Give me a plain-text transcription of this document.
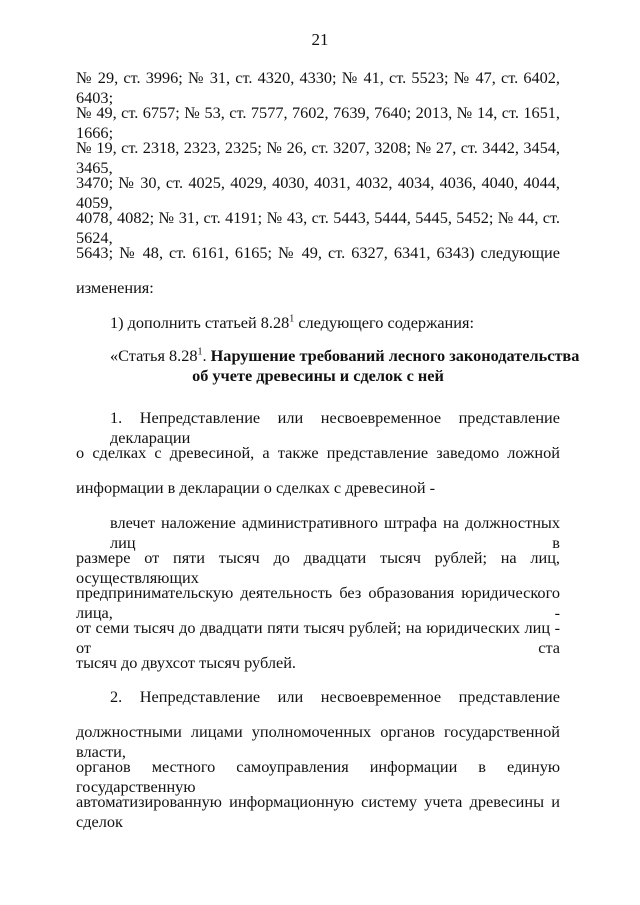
21
№ 29, ст. 3996; № 31, ст. 4320, 4330; № 41, ст. 5523; № 47, ст. 6402, 6403;
№ 49, ст. 6757; № 53, ст. 7577, 7602, 7639, 7640; 2013, № 14, ст. 1651, 1666;
№ 19, ст. 2318, 2323, 2325; № 26, ст. 3207, 3208; № 27, ст. 3442, 3454, 3465,
3470; № 30, ст. 4025, 4029, 4030, 4031, 4032, 4034, 4036, 4040, 4044, 4059,
4078, 4082; № 31, ст. 4191; № 43, ст. 5443, 5444, 5445, 5452; № 44, ст. 5624,
5643; № 48, ст. 6161, 6165; № 49, ст. 6327, 6341, 6343) следующие
изменения:
1) дополнить статьей 8.28$^1$ следующего содержания:
«Статья 8.28$^1$. Нарушение требований лесного законодательства
об учете древесины и сделок с ней
1. Непредставление или несвоевременное представление декларации
о сделках с древесиной, а также представление заведомо ложной
информации в декларации о сделках с древесиной -
влечет наложение административного штрафа на должностных лиц в
размере от пяти тысяч до двадцати тысяч рублей; на лиц, осуществляющих
предпринимательскую деятельность без образования юридического лица, -
от семи тысяч до двадцати пяти тысяч рублей; на юридических лиц - от ста
тысяч до двухсот тысяч рублей.
2. Непредставление или несвоевременное представление
должностными лицами уполномоченных органов государственной власти,
органов местного самоуправления информации в единую государственную
автоматизированную информационную систему учета древесины и сделок
